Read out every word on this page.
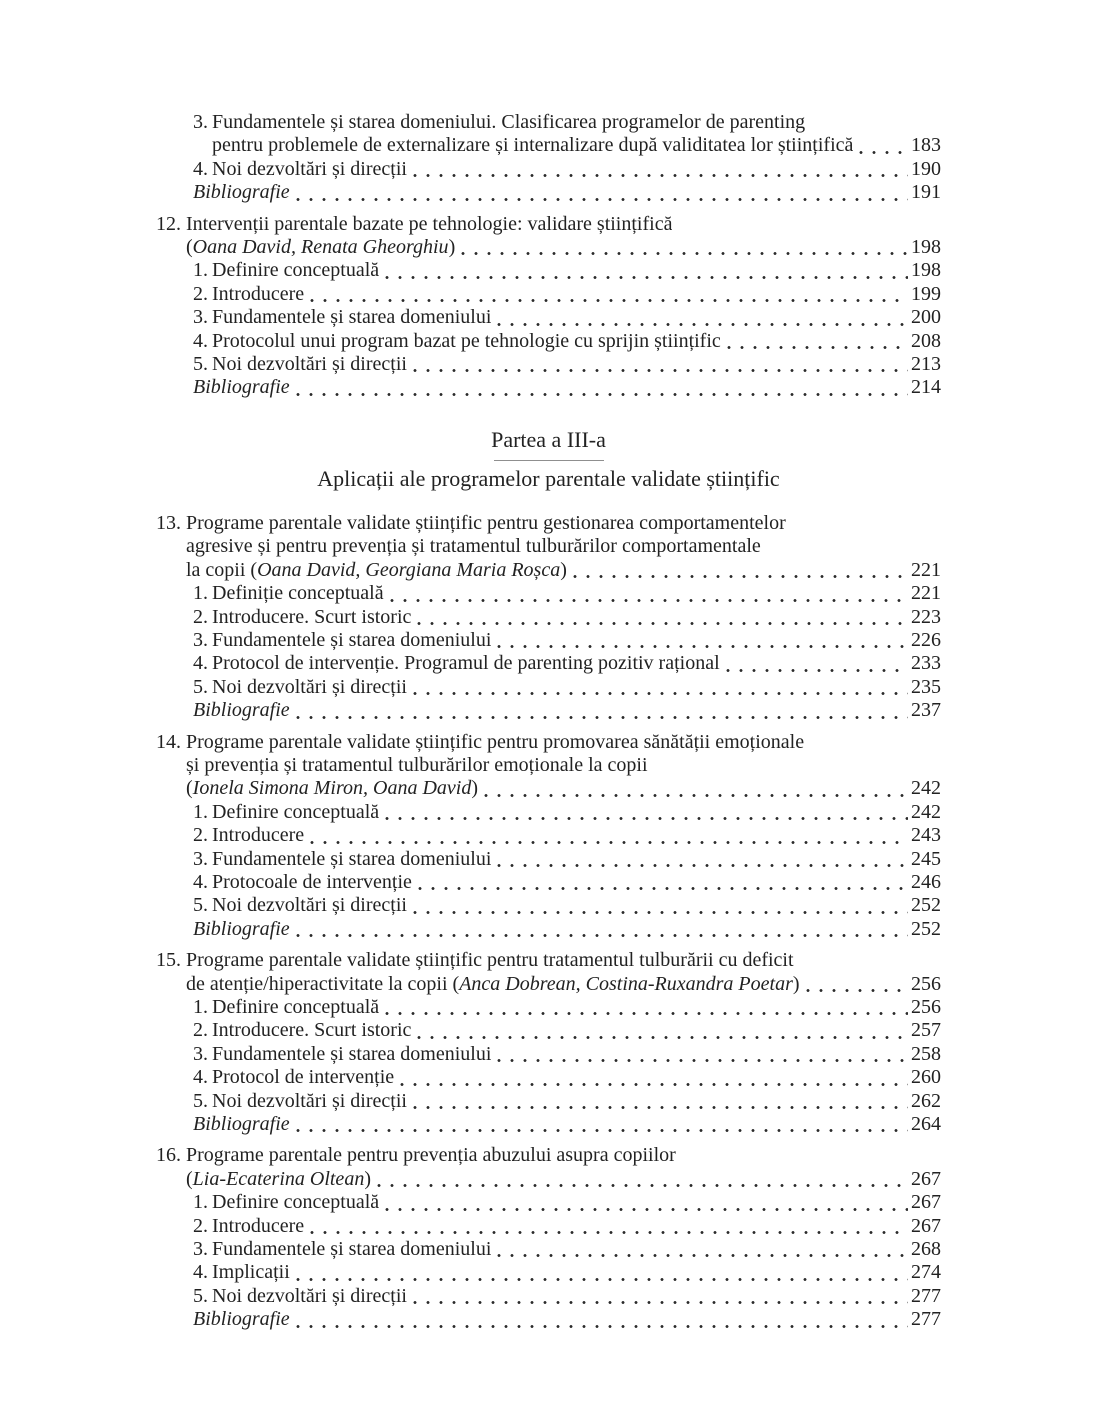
3. Fundamentele și starea domeniului. Clasificarea programelor de parenting
pentru problemele de externalizare și internalizare după validitatea lor științifică	183
4. Noi dezvoltări și direcții	190
Bibliografie	191
12. Intervenții parentale bazate pe tehnologie: validare științifică
(Oana David, Renata Gheorghiu)	198
1. Definire conceptuală	198
2. Introducere	199
3. Fundamentele și starea domeniului	200
4. Protocolul unui program bazat pe tehnologie cu sprijin științific	208
5. Noi dezvoltări și direcții	213
Bibliografie	214
Partea a III-a
Aplicații ale programelor parentale validate științific
13. Programe parentale validate științific pentru gestionarea comportamentelor
agresive și pentru prevenția și tratamentul tulburărilor comportamentale
la copii (Oana David, Georgiana Maria Roșca)	221
1. Definiție conceptuală	221
2. Introducere. Scurt istoric	223
3. Fundamentele și starea domeniului	226
4. Protocol de intervenție. Programul de parenting pozitiv rațional	233
5. Noi dezvoltări și direcții	235
Bibliografie	237
14. Programe parentale validate științific pentru promovarea sănătății emoționale
și prevenția și tratamentul tulburărilor emoționale la copii
(Ionela Simona Miron, Oana David)	242
1. Definire conceptuală	242
2. Introducere	243
3. Fundamentele și starea domeniului	245
4. Protocoale de intervenție	246
5. Noi dezvoltări și direcții	252
Bibliografie	252
15. Programe parentale validate științific pentru tratamentul tulburării cu deficit
de atenție/hiperactivitate la copii (Anca Dobrean, Costina-Ruxandra Poetar)	256
1. Definire conceptuală	256
2. Introducere. Scurt istoric	257
3. Fundamentele și starea domeniului	258
4. Protocol de intervenție	260
5. Noi dezvoltări și direcții	262
Bibliografie	264
16. Programe parentale pentru prevenția abuzului asupra copiilor
(Lia-Ecaterina Oltean)	267
1. Definire conceptuală	267
2. Introducere	267
3. Fundamentele și starea domeniului	268
4. Implicații	274
5. Noi dezvoltări și direcții	277
Bibliografie	277
